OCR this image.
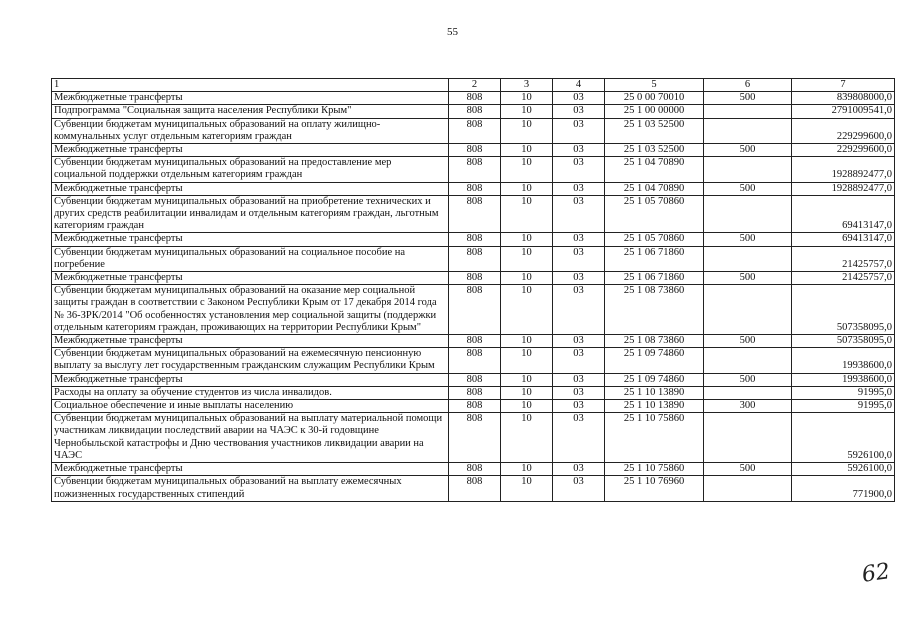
55
1	2	3	4	5	6	7
Межбюджетные трансферты	808	10	03	25 0 00 70010	500	839808000,0
Подпрограмма "Социальная защита населения Республики Крым"	808	10	03	25 1 00 00000		2791009541,0
Субвенции бюджетам муниципальных образований на оплату жилищно-коммунальных услуг отдельным категориям граждан	808	10	03	25 1 03 52500		229299600,0
Межбюджетные трансферты	808	10	03	25 1 03 52500	500	229299600,0
Субвенции бюджетам муниципальных образований на предоставление мер социальной поддержки отдельным категориям граждан	808	10	03	25 1 04 70890		1928892477,0
Межбюджетные трансферты	808	10	03	25 1 04 70890	500	1928892477,0
Субвенции бюджетам муниципальных образований на приобретение технических и других средств реабилитации инвалидам и отдельным категориям граждан, льготным категориям граждан	808	10	03	25 1 05 70860		69413147,0
Межбюджетные трансферты	808	10	03	25 1 05 70860	500	69413147,0
Субвенции бюджетам муниципальных образований на социальное пособие на погребение	808	10	03	25 1 06 71860		21425757,0
Межбюджетные трансферты	808	10	03	25 1 06 71860	500	21425757,0
Субвенции бюджетам муниципальных образований на оказание мер социальной защиты граждан в соответствии с Законом Республики Крым от 17 декабря 2014 года № 36-ЗРК/2014 "Об особенностях установления мер социальной защиты (поддержки отдельным категориям граждан, проживающих на территории Республики Крым"	808	10	03	25 1 08 73860		507358095,0
Межбюджетные трансферты	808	10	03	25 1 08 73860	500	507358095,0
Субвенции бюджетам муниципальных образований на ежемесячную пенсионную выплату за выслугу лет государственным гражданским служащим Республики Крым	808	10	03	25 1 09 74860		19938600,0
Межбюджетные трансферты	808	10	03	25 1 09 74860	500	19938600,0
Расходы на оплату за обучение студентов из числа инвалидов.	808	10	03	25 1 10 13890		91995,0
Социальное обеспечение и иные выплаты населению	808	10	03	25 1 10 13890	300	91995,0
Субвенции бюджетам муниципальных образований на выплату материальной помощи участникам ликвидации последствий аварии на ЧАЭС к 30-й годовщине Чернобыльской катастрофы и Дню чествования участников ликвидации аварии на ЧАЭС	808	10	03	25 1 10 75860		5926100,0
Межбюджетные трансферты	808	10	03	25 1 10 75860	500	5926100,0
Субвенции бюджетам муниципальных образований на выплату ежемесячных пожизненных государственных стипендий	808	10	03	25 1 10 76960		771900,0
62
